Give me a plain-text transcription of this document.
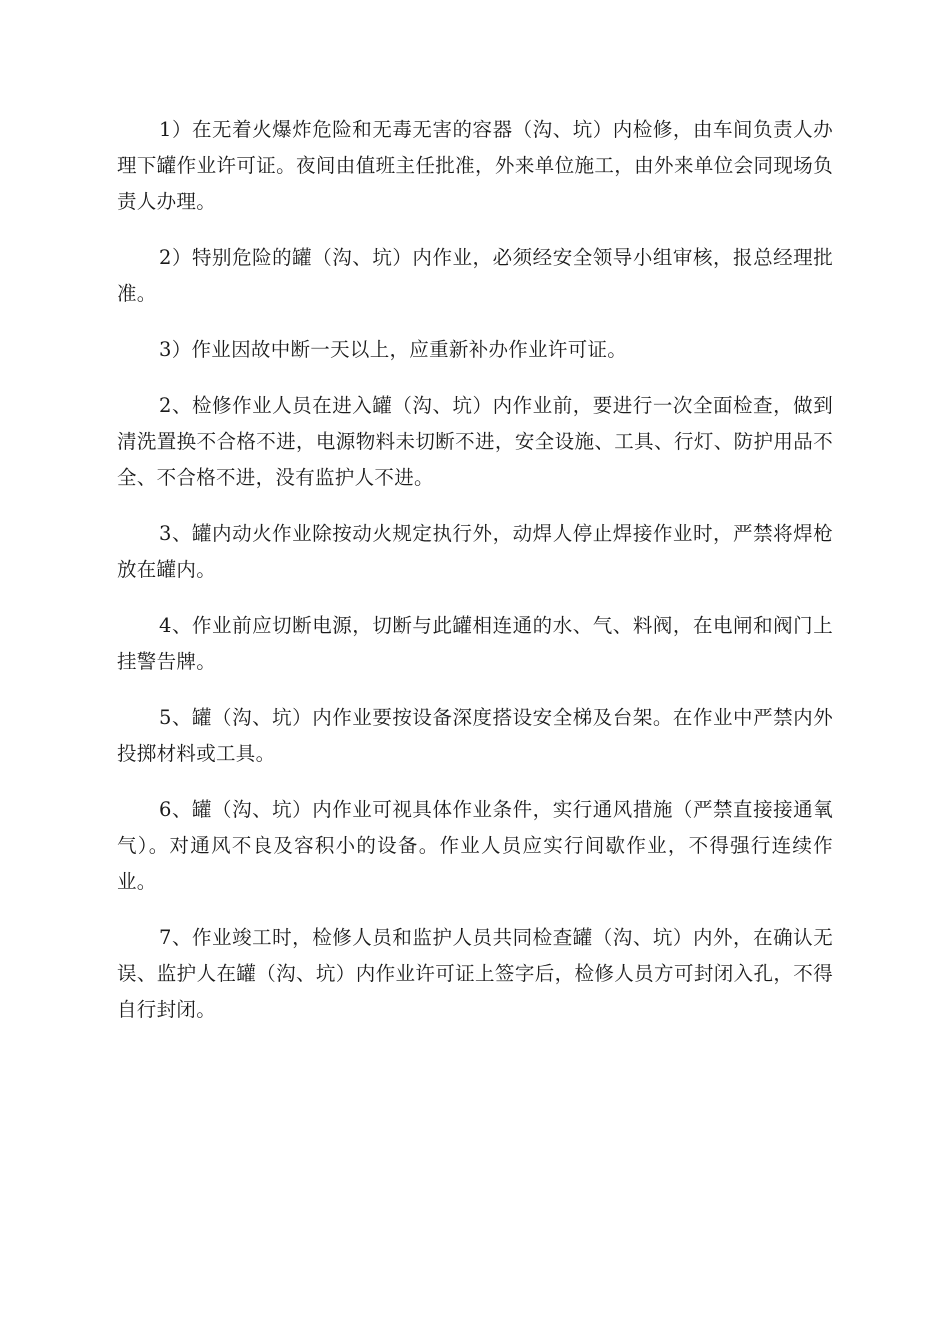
1）在无着火爆炸危险和无毒无害的容器（沟、坑）内检修，由车间负责人办理下罐作业许可证。夜间由值班主任批准，外来单位施工，由外来单位会同现场负责人办理。

2）特别危险的罐（沟、坑）内作业，必须经安全领导小组审核，报总经理批准。

3）作业因故中断一天以上，应重新补办作业许可证。

2、检修作业人员在进入罐（沟、坑）内作业前，要进行一次全面检查，做到清洗置换不合格不进，电源物料未切断不进，安全设施、工具、行灯、防护用品不全、不合格不进，没有监护人不进。

3、罐内动火作业除按动火规定执行外，动焊人停止焊接作业时，严禁将焊枪放在罐内。

4、作业前应切断电源，切断与此罐相连通的水、气、料阀，在电闸和阀门上挂警告牌。

5、罐（沟、坑）内作业要按设备深度搭设安全梯及台架。在作业中严禁内外投掷材料或工具。

6、罐（沟、坑）内作业可视具体作业条件，实行通风措施（严禁直接接通氧气）。对通风不良及容积小的设备。作业人员应实行间歇作业，不得强行连续作业。

7、作业竣工时，检修人员和监护人员共同检查罐（沟、坑）内外，在确认无误、监护人在罐（沟、坑）内作业许可证上签字后，检修人员方可封闭入孔，不得自行封闭。
